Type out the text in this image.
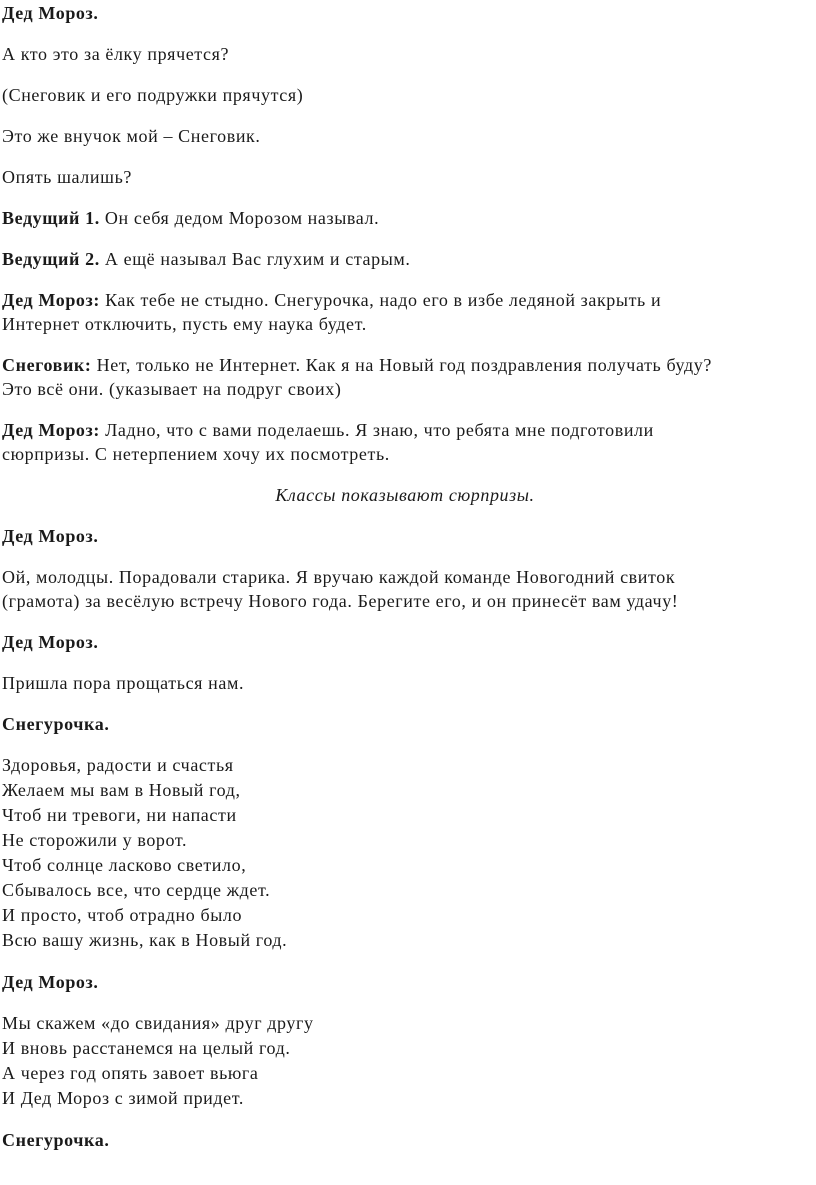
Дед Мороз.

А кто это за ёлку прячется?

(Снеговик и его подружки прячутся)

Это же внучок мой – Снеговик.

Опять шалишь?

Ведущий 1. Он себя дедом Морозом называл.

Ведущий 2. А ещё называл Вас глухим и старым.

Дед Мороз: Как тебе не стыдно. Снегурочка, надо его в избе ледяной закрыть и

Интернет отключить, пусть ему наука будет.

Снеговик: Нет, только не Интернет. Как я на Новый год поздравления получать буду?

Это всё они. (указывает на подруг своих)

Дед Мороз: Ладно, что с вами поделаешь. Я знаю, что ребята мне подготовили

сюрпризы. С нетерпением хочу их посмотреть.

Классы показывают сюрпризы.

Дед Мороз.

Ой, молодцы. Порадовали старика. Я вручаю каждой команде Новогодний свиток

(грамота) за весёлую встречу Нового года. Берегите его, и он принесёт вам удачу!

Дед Мороз.

Пришла пора прощаться нам.

Снегурочка.

Здоровья, радости и счастья
Желаем мы вам в Новый год,
Чтоб ни тревоги, ни напасти
Не сторожили у ворот.
Чтоб солнце ласково светило,
Сбывалось все, что сердце ждет.
И просто, чтоб отрадно было
Всю вашу жизнь, как в Новый год.

Дед Мороз.

Мы скажем «до свидания» друг другу
И вновь расстанемся на целый год.
А через год опять завоет вьюга
И Дед Мороз с зимой придет.

Снегурочка.
